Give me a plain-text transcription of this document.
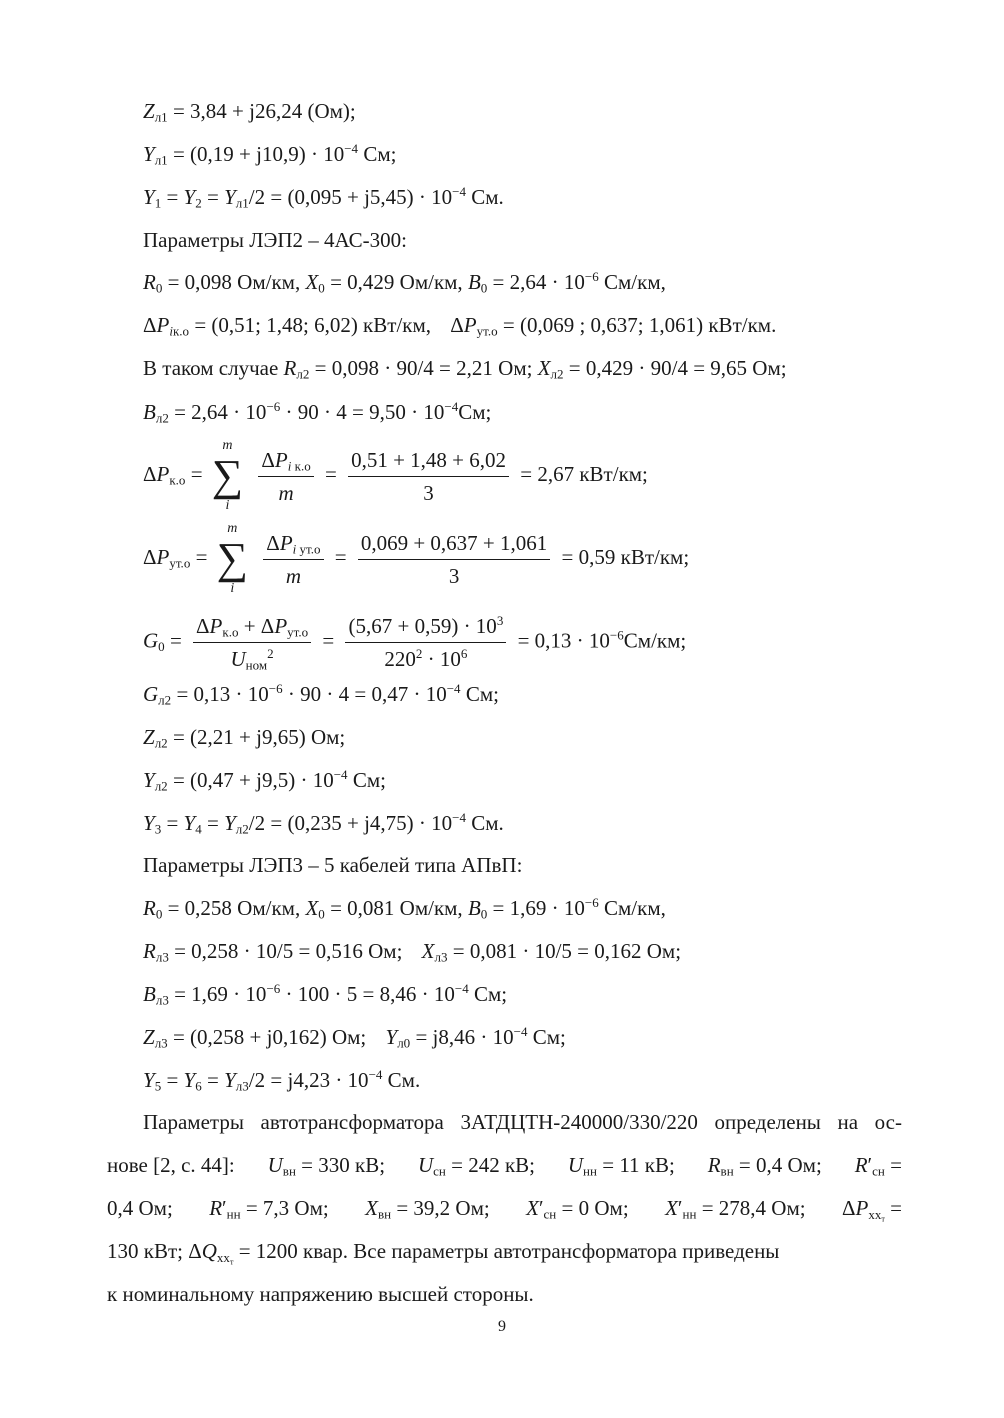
$Z_{л1} = 3,84 + j26,24$ (Ом);
$Y_{л1} = (0,19 + j10,9) \cdot 10^{-4}$ См;
$Y_1 = Y_2 = Y_{л1}/2 = (0,095 + j5,45) \cdot 10^{-4}$ См.
Параметры ЛЭП2 – 4АС-300:
$R_0 = 0,098$ Ом/км, $X_0 = 0,429$ Ом/км, $B_0 = 2,64 \cdot 10^{-6}$ См/км,
$\Delta P_{iк.о} = (0,51$; 1,48; 6,02) кВт/км, $\Delta P_{ут.о} = (0,069$ ; 0,637; 1,061) кВт/км.
В таком случае $R_{л2} = 0,098 \cdot 90/4 = 2,21$ Ом; $X_{л2} = 0,429 \cdot 90/4 = 9,65$ Ом;
$B_{л2} = 2,64 \cdot 10^{-6} \cdot 90 \cdot 4 = 9,50 \cdot 10^{-4}См$;
$\Delta P_{к.о}$ =
m
∑
i
$\frac{\Delta P_{i к.о}}{m} = \frac{0,51 + 1,48 + 6,02}{3} = 2,67$ кВт/км;
$\Delta P_{ут.о}$ =
m
∑
i
$\frac{\Delta P_{i ут.о}}{m} = \frac{0,069 + 0,637 + 1,061}{3} = 0,59$ кВт/км;
$G_0 = \frac{\Delta P_{к.о} + \Delta P_{ут.о}}{U_{ном}^2} = \frac{(5,67 + 0,59) \cdot 10^3}{220^2 \cdot 10^6} = 0,13 \cdot 10^{-6}См/км$;
$G_{л2} = 0,13 \cdot 10^{-6} \cdot 90 \cdot 4 = 0,47 \cdot 10^{-4}$ См;
$Z_{л2} = (2,21 + j9,65)$ Ом;
$Y_{л2} = (0,47 + j9,5) \cdot 10^{-4}$ См;
$Y_3 = Y_4 = Y_{л2}/2 = (0,235 + j4,75) \cdot 10^{-4}$ См.
Параметры ЛЭП3 – 5 кабелей типа АПвП:
$R_0 = 0,258$ Ом/км, $X_0 = 0,081$ Ом/км, $B_0 = 1,69 \cdot 10^{-6}$ См/км,
$R_{л3} = 0,258 \cdot 10/5 = 0,516$ Ом; $X_{л3} = 0,081 \cdot 10/5 = 0,162$ Ом;
$B_{л3} = 1,69 \cdot 10^{-6} \cdot 100 \cdot 5 = 8,46 \cdot 10^{-4}$ См;
$Z_{л3} = (0,258 + j0,162)$ Ом; $Y_{л0} = j8,46 \cdot 10^{-4}$ См;
$Y_5 = Y_6 = Y_{л3}/2 = j4,23 \cdot 10^{-4}$ См.
Параметры автотрансформатора 3АТДЦТН-240000/330/220 определены на ос-
нове [2, с. 44]: $U_{вн} = 330$ кВ; $U_{сн} = 242$ кВ; $U_{нн} = 11$ кВ; $R_{вн} = 0,4$ Ом; $R'_{сн}$ =
0,4 Ом; $R'_{нн} = 7,3$ Ом; $X_{вн} = 39,2$ Ом; $X'_{сн} = 0$ Ом; $X'_{нн} = 278,4$ Ом; $\Delta P_{хх_т}$ =
130 кВт; $\Delta Q_{хх_т} = 1200$ квар. Все параметры автотрансформатора приведены
к номинальному напряжению высшей стороны.
9
